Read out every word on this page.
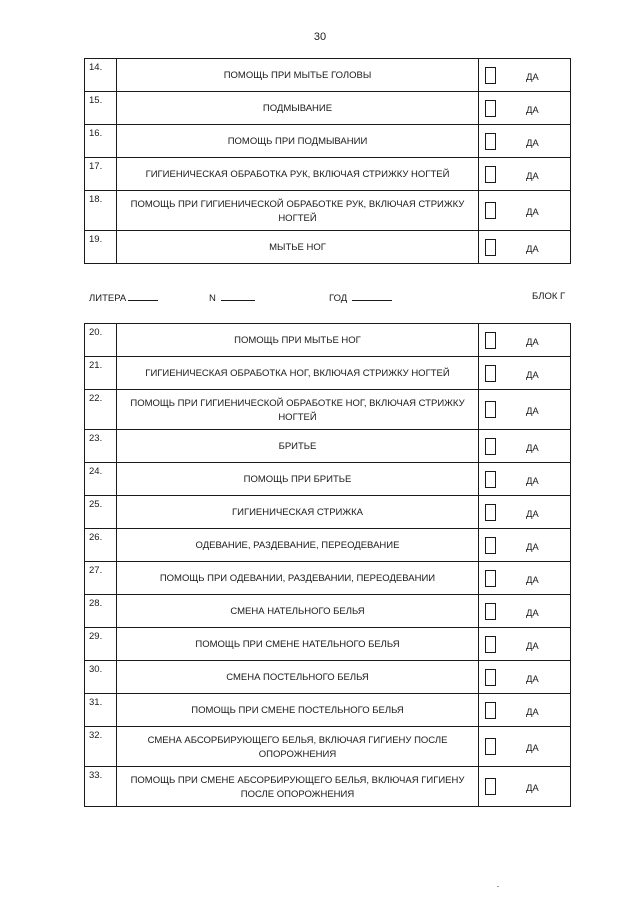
30
14.	ПОМОЩЬ ПРИ МЫТЬЕ ГОЛОВЫ	ДА

15.	ПОДМЫВАНИЕ	ДА

16.	ПОМОЩЬ ПРИ ПОДМЫВАНИИ	ДА

17.	ГИГИЕНИЧЕСКАЯ ОБРАБОТКА РУК, ВКЛЮЧАЯ СТРИЖКУ НОГТЕЙ	ДА

18.	ПОМОЩЬ ПРИ ГИГИЕНИЧЕСКОЙ ОБРАБОТКЕ РУК, ВКЛЮЧАЯ СТРИЖКУ НОГТЕЙ	ДА

19.	МЫТЬЕ НОГ	ДА
ЛИТЕРА	N	ГОД	БЛОК Г
20.	ПОМОЩЬ ПРИ МЫТЬЕ НОГ	ДА

21.	ГИГИЕНИЧЕСКАЯ ОБРАБОТКА НОГ, ВКЛЮЧАЯ СТРИЖКУ НОГТЕЙ	ДА

22.	ПОМОЩЬ ПРИ ГИГИЕНИЧЕСКОЙ ОБРАБОТКЕ НОГ, ВКЛЮЧАЯ СТРИЖКУ НОГТЕЙ	ДА

23.	БРИТЬЕ	ДА

24.	ПОМОЩЬ ПРИ БРИТЬЕ	ДА

25.	ГИГИЕНИЧЕСКАЯ СТРИЖКА	ДА

26.	ОДЕВАНИЕ, РАЗДЕВАНИЕ, ПЕРЕОДЕВАНИЕ	ДА

27.	ПОМОЩЬ ПРИ ОДЕВАНИИ, РАЗДЕВАНИИ, ПЕРЕОДЕВАНИИ	ДА

28.	СМЕНА НАТЕЛЬНОГО БЕЛЬЯ	ДА

29.	ПОМОЩЬ ПРИ СМЕНЕ НАТЕЛЬНОГО БЕЛЬЯ	ДА

30.	СМЕНА ПОСТЕЛЬНОГО БЕЛЬЯ	ДА

31.	ПОМОЩЬ ПРИ СМЕНЕ ПОСТЕЛЬНОГО БЕЛЬЯ	ДА

32.	СМЕНА АБСОРБИРУЮЩЕГО БЕЛЬЯ, ВКЛЮЧАЯ ГИГИЕНУ ПОСЛЕ ОПОРОЖНЕНИЯ	ДА

33.	ПОМОЩЬ ПРИ СМЕНЕ АБСОРБИРУЮЩЕГО БЕЛЬЯ, ВКЛЮЧАЯ ГИГИЕНУ ПОСЛЕ ОПОРОЖНЕНИЯ	ДА
